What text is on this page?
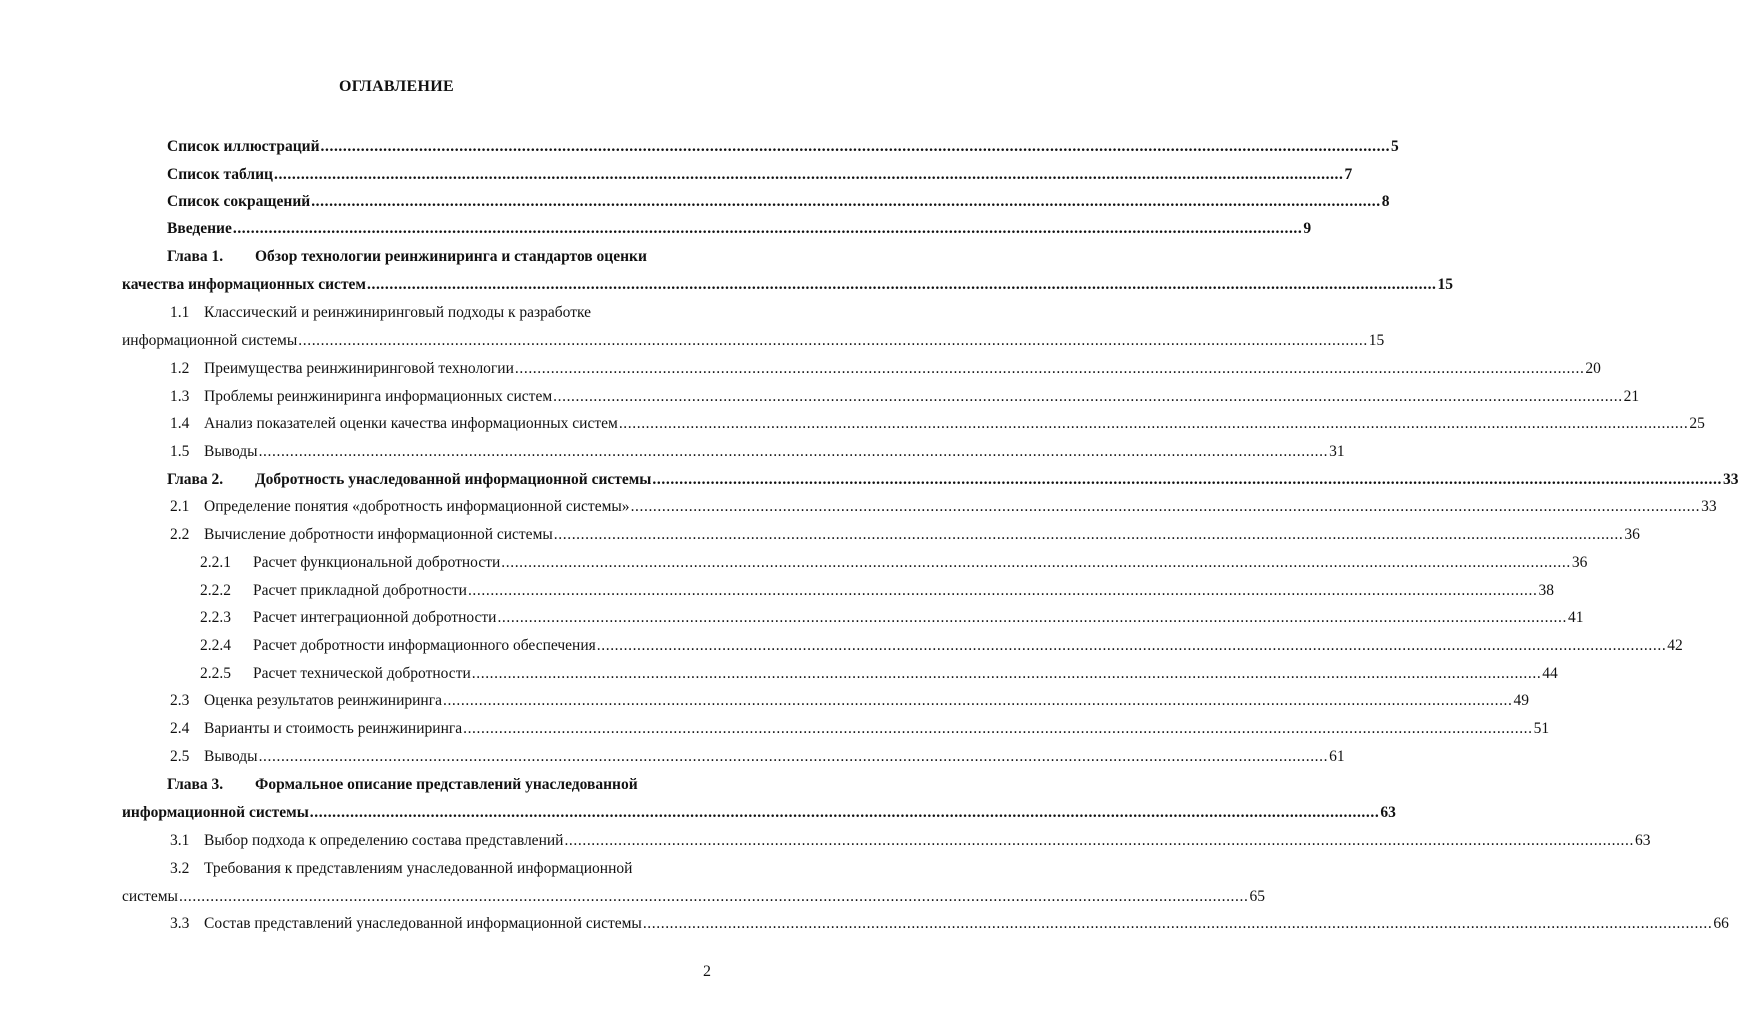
ОГЛАВЛЕНИЕ
Список иллюстраций .....	5
Список таблиц .....	7
Список сокращений .....	8
Введение .....	9
Глава 1. Обзор технологии реинжиниринга и стандартов оценки
качества информационных систем .....	15
1.1 Классический и реинжиниринговый подходы к разработке
информационной системы .....	15
1.2 Преимущества реинжиниринговой технологии .....	20
1.3 Проблемы реинжиниринга информационных систем .....	21
1.4 Анализ показателей оценки качества информационных систем .....	25
1.5 Выводы .....	31
Глава 2.	Добротность унаследованной информационной системы .....	33
2.1 Определение понятия «добротность информационной системы» .....	33
2.2 Вычисление добротности информационной системы .....	36
2.2.1	Расчет функциональной добротности .....	36
2.2.2	Расчет прикладной добротности .....	38
2.2.3	Расчет интеграционной добротности .....	41
2.2.4	Расчет добротности информационного обеспечения .....	42
2.2.5	Расчет технической добротности .....	44
2.3 Оценка результатов реинжиниринга .....	49
2.4 Варианты и стоимость реинжиниринга .....	51
2.5 Выводы .....	61
Глава 3. Формальное описание представлений унаследованной
информационной системы .....	63
3.1 Выбор подхода к определению состава представлений .....	63
3.2 Требования к представлениям унаследованной информационной
системы .....	65
3.3 Состав представлений унаследованной информационной системы .....	66
2
